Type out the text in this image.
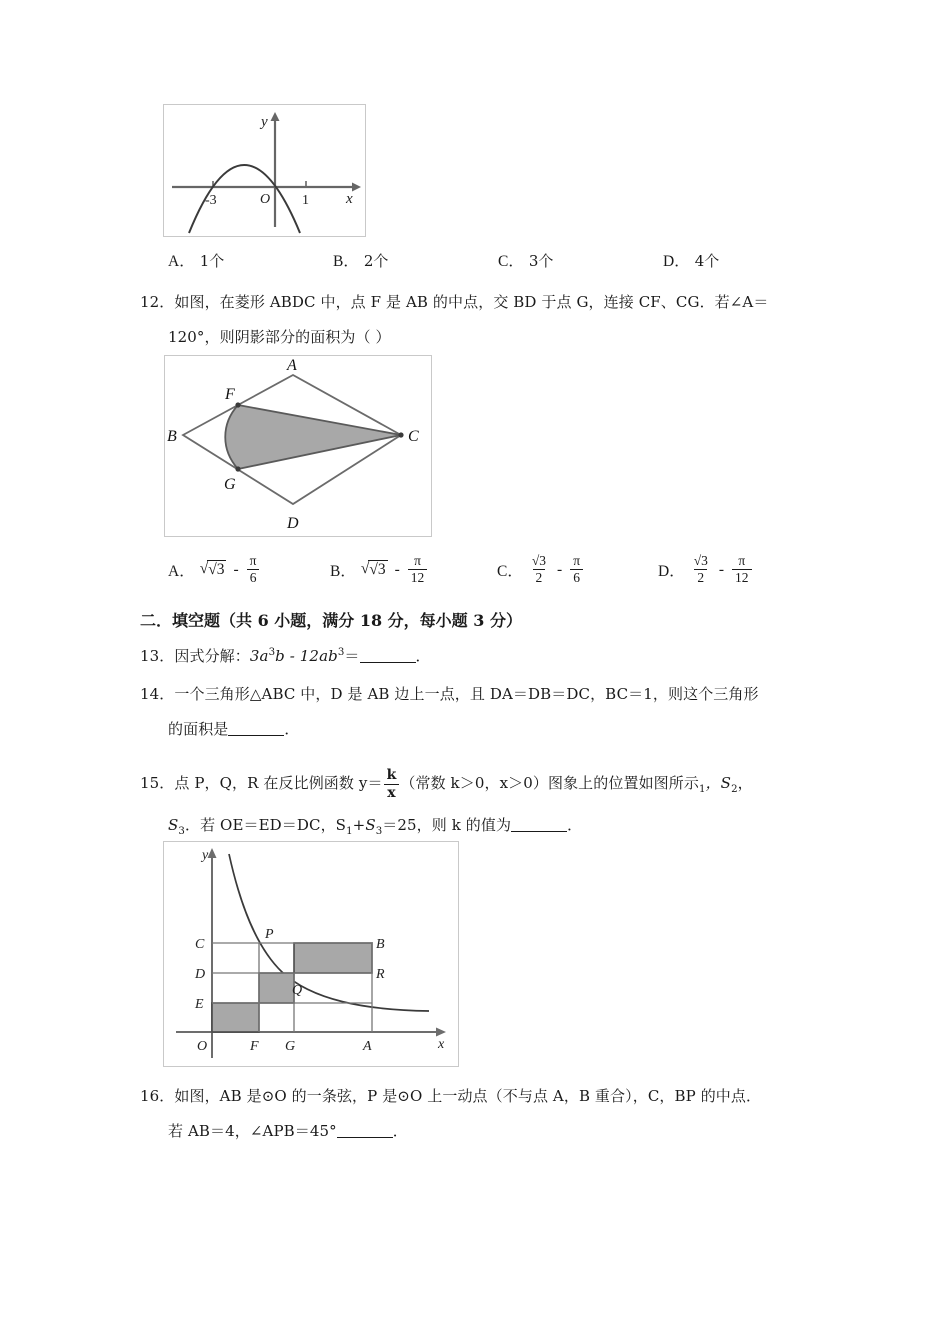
y
x
O
-3	1
A． 1个	B． 2个	C． 3个	D． 4个
12．如图，在菱形 ABDC 中，点 F 是 AB 的中点，交 BD 于点 G，连接 CF、CG．若∠A＝
120°，则阴影部分的面积为（ ）
A
B	C
D
F
G
A． √ $√3 - \frac{\pi}{6}$	B． √ $√3 - \frac{\pi}{12}$	C． $\frac{√3}{2} - \frac{\pi}{6}$	D． $\frac{√3}{2} - \frac{\pi}{12}$
二．填空题（共 6 小题，满分 18 分，每小题 3 分）
13．因式分解：$3a^3b - 12ab^3=$	．
14．一个三角形△ABC 中，D 是 AB 边上一点，且 DA＝DB＝DC，BC＝1，则这个三角形
的面积是	．
15．点 P，Q，R 在反比例函数 $y= \frac{k}{x}$ （常数 k＞0，x＞0）图象上的位置如图所示$_1$，$S_2$，
$S_3$．若 OE＝ED＝DC，$S_1+S_3=25$，则 k 的值为	．
y
x
O	F G	A
C
D
E
B
R
P
Q
16．如图，AB 是⊙O 的一条弦，P 是⊙O 上一动点（不与点 A，B 重合），C，BP 的中点．
若 AB＝4，∠APB＝45°	．
